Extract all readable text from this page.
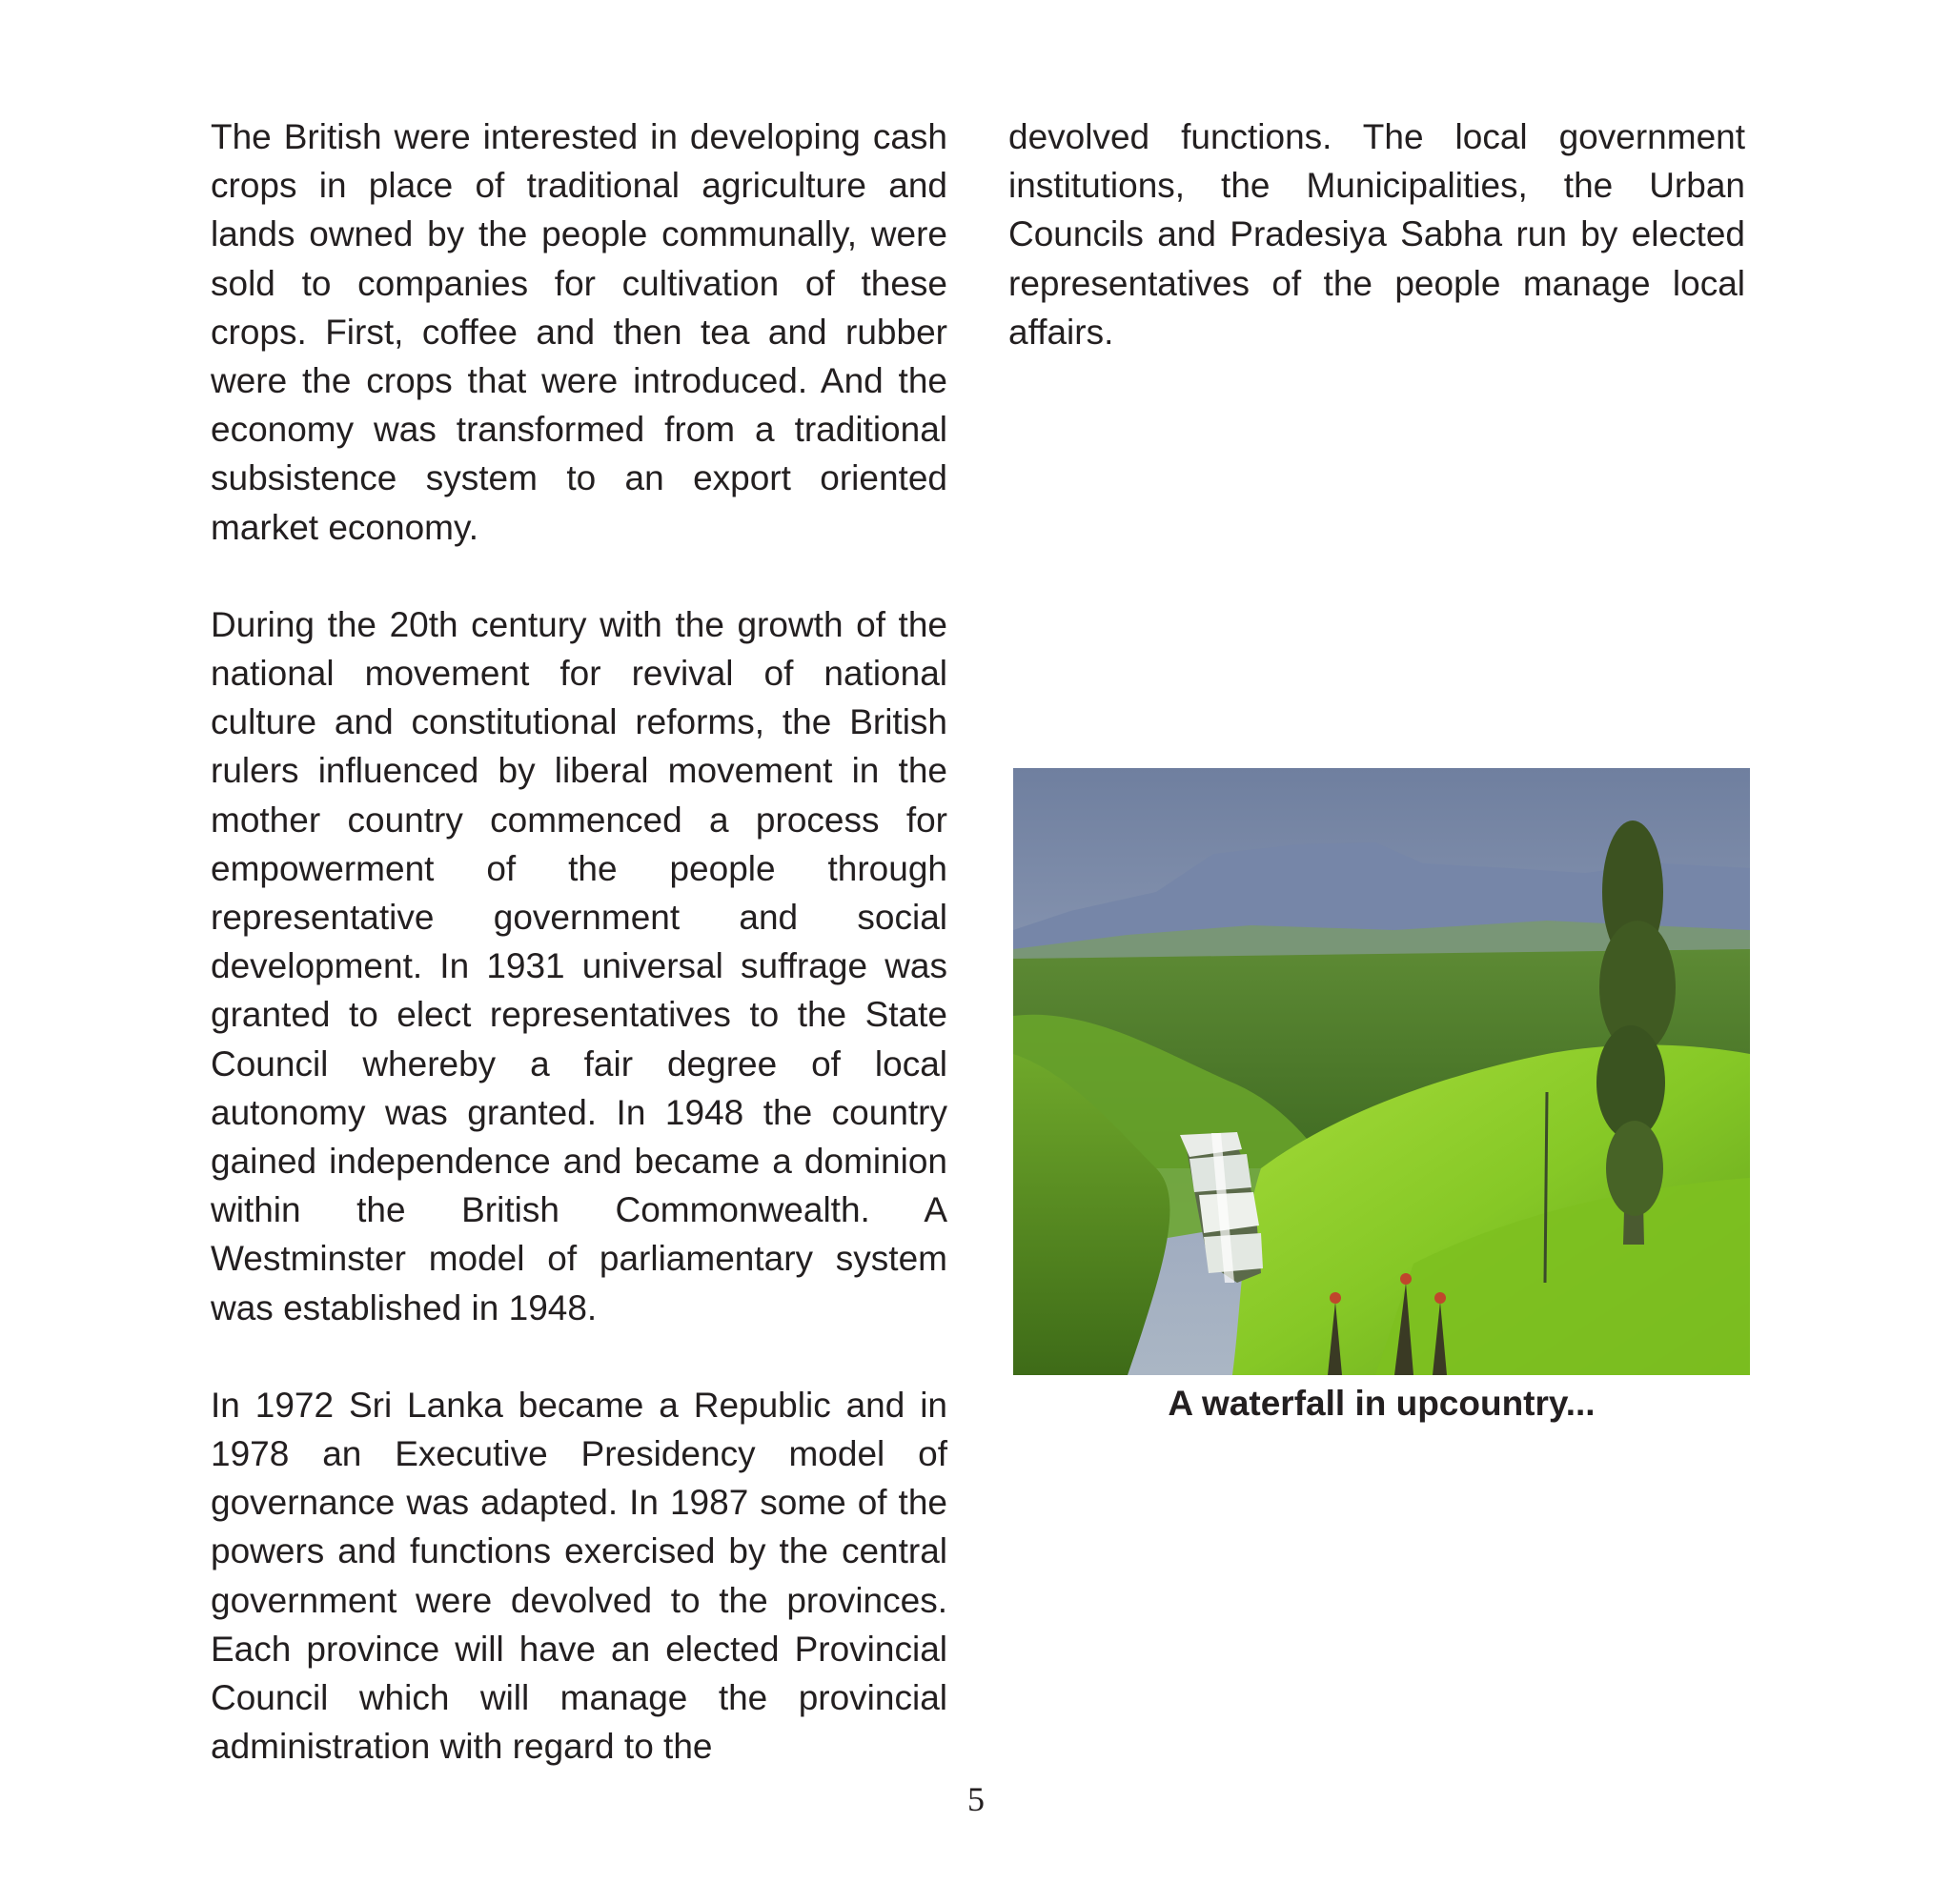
The British were interested in developing cash crops in place of traditional agriculture and lands owned by the people communally, were sold to companies for cultivation of these crops. First, coffee and then tea and rubber were the crops that were introduced. And the economy was transformed from a traditional subsistence system to an export oriented market economy.

During the 20th century with the growth of the national movement for revival of national culture and constitutional reforms, the British rulers influenced by liberal movement in the mother country commenced a process for empowerment of the people through representative government and social development. In 1931 universal suffrage was granted to elect representatives to the State Council whereby a fair degree of local autonomy was granted. In 1948 the country gained independence and became a dominion within the British Commonwealth. A Westminster model of parliamentary system was established in 1948.

In 1972 Sri Lanka became a Republic and in 1978 an Executive Presidency model of governance was adapted. In 1987 some of the powers and functions exercised by the central government were devolved to the provinces. Each province will have an elected Provincial Council which will manage the provincial administration with regard to the

devolved functions. The local government institutions, the Municipalities, the Urban Councils and Pradesiya Sabha run by elected representatives of the people manage local affairs.

A waterfall in upcountry...
5
